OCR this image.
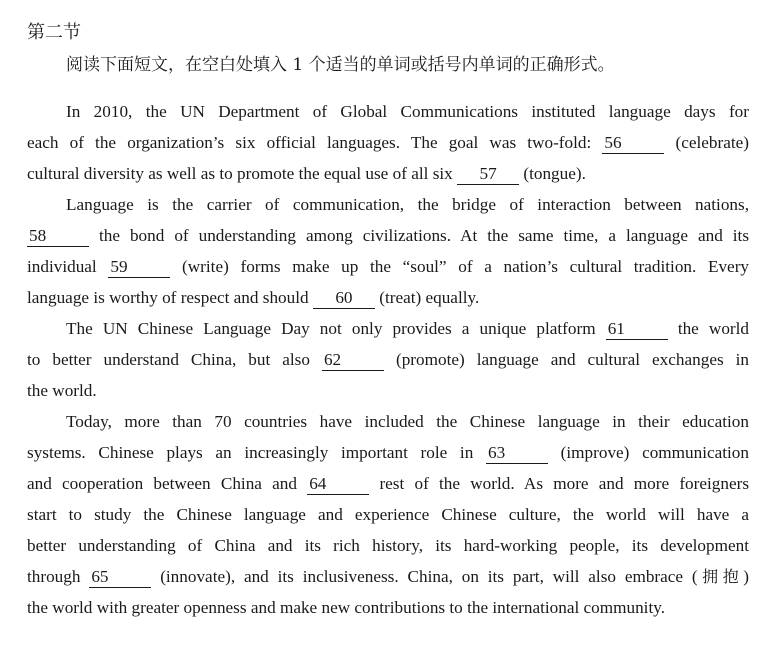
第二节
阅读下面短文，在空白处填入 1 个适当的单词或括号内单词的正确形式。
In 2010, the UN Department of Global Communications instituted language days for
each of the organization’s six official languages. The goal was two-fold: 56	(celebrate)
cultural diversity as well as to promote the equal use of all six 57 (tongue).
Language is the carrier of communication, the bridge of interaction between nations,
58	the bond of understanding among civilizations. At the same time, a language and its
individual 59	(write) forms make up the “soul” of a nation’s cultural tradition. Every
language is worthy of respect and should 60 (treat) equally.
The UN Chinese Language Day not only provides a unique platform 61	the world
to better understand China, but also 62	(promote) language and cultural exchanges in
the world.
Today, more than 70 countries have included the Chinese language in their education
systems. Chinese plays an increasingly important role in 63	(improve) communication
and cooperation between China and 64	rest of the world. As more and more foreigners
start to study the Chinese language and experience Chinese culture, the world will have a
better understanding of China and its rich history, its hard-working people, its development
through 65	(innovate), and its inclusiveness. China, on its part, will also embrace (拥抱)
the world with greater openness and make new contributions to the international community.
